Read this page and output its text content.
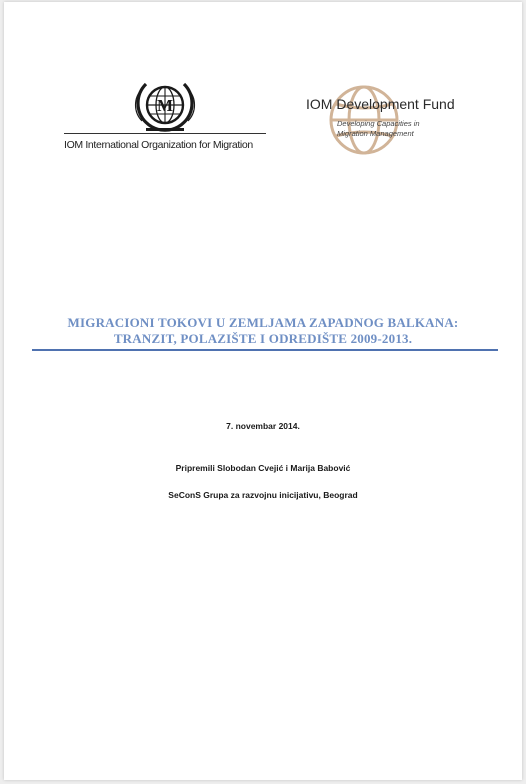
M
IOM International Organization for Migration
IOM Development Fund
Developing Capacities in
Migration Management
MIGRACIONI TOKOVI U ZEMLJAMA ZAPADNOG BALKANA:
TRANZIT, POLAZIŠTE I ODREDIŠTE 2009-2013.
7. novembar 2014.
Pripremili Slobodan Cvejić i Marija Babović
SeConS Grupa za razvojnu inicijativu, Beograd
